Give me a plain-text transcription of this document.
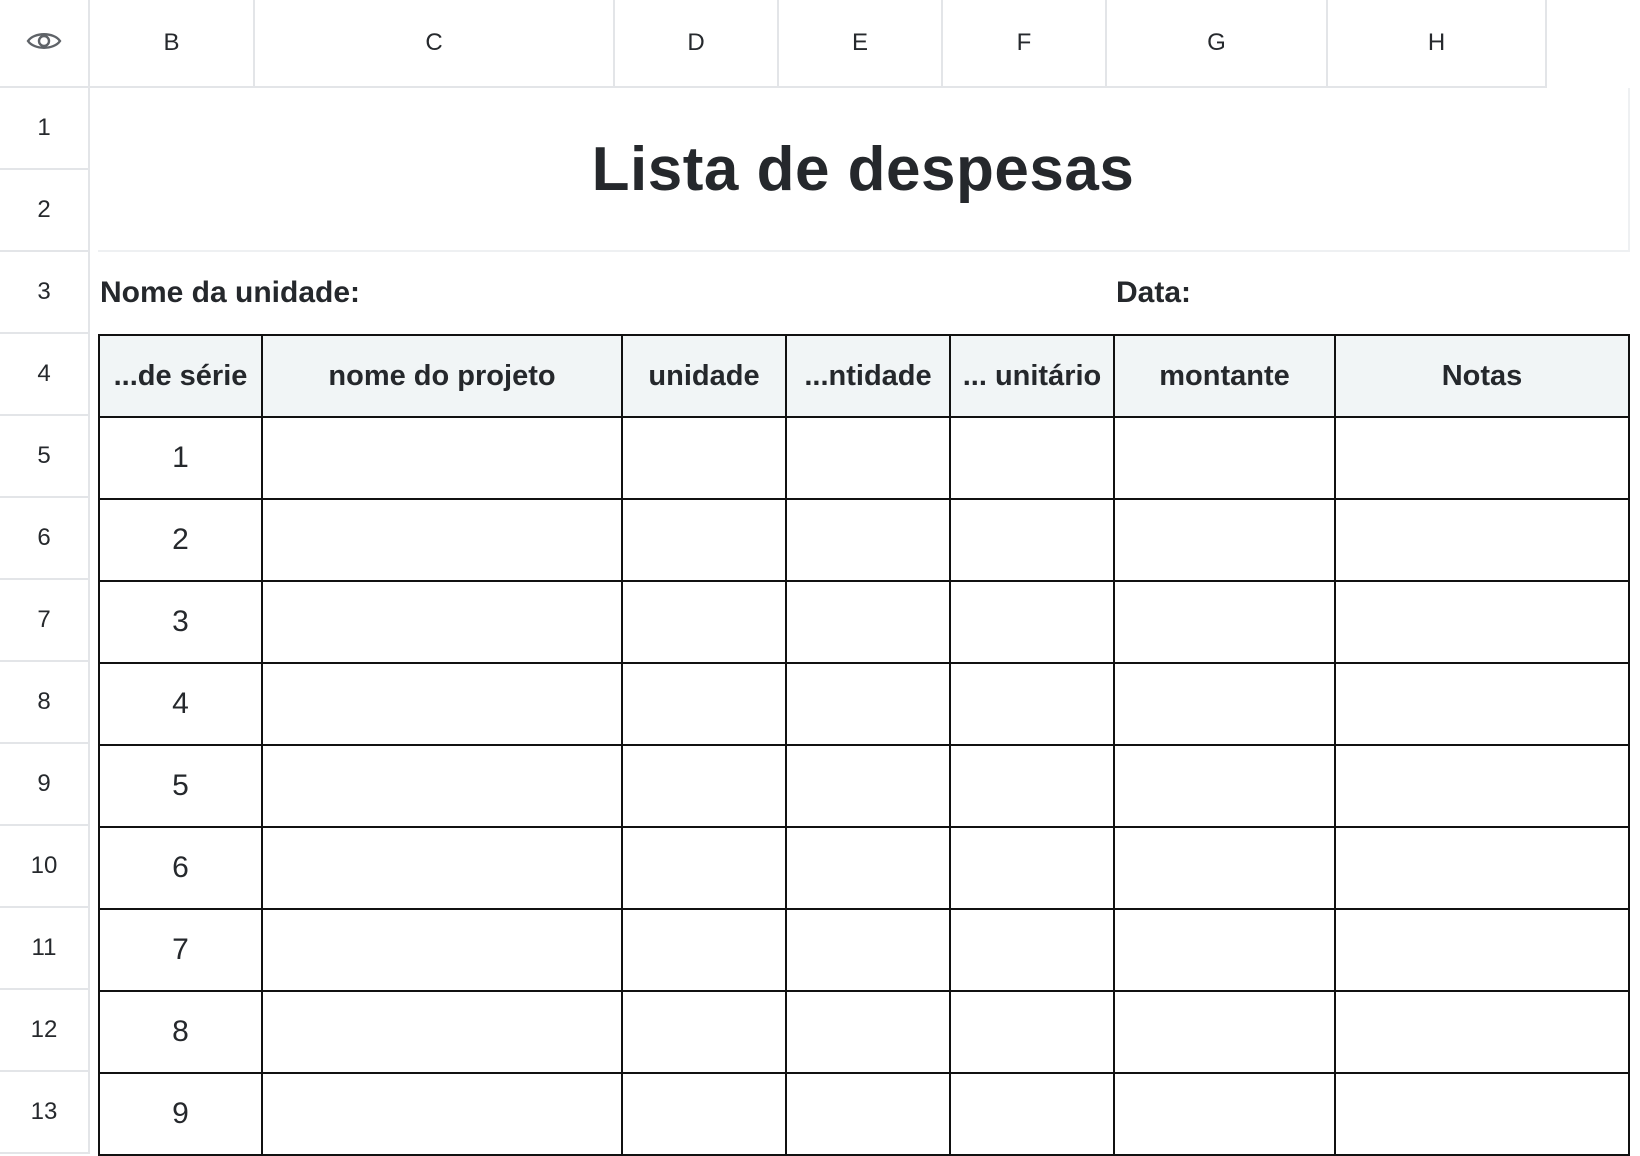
B	C	D	E	F	G	H
1
2
3
4
5
6
7
8
9
10
11
12
13
Lista de despesas
Nome da unidade:	Data:
...de série	nome do projeto	unidade	...ntidade	... unitário	montante	Notas
1
2
3
4
5
6
7
8
9
